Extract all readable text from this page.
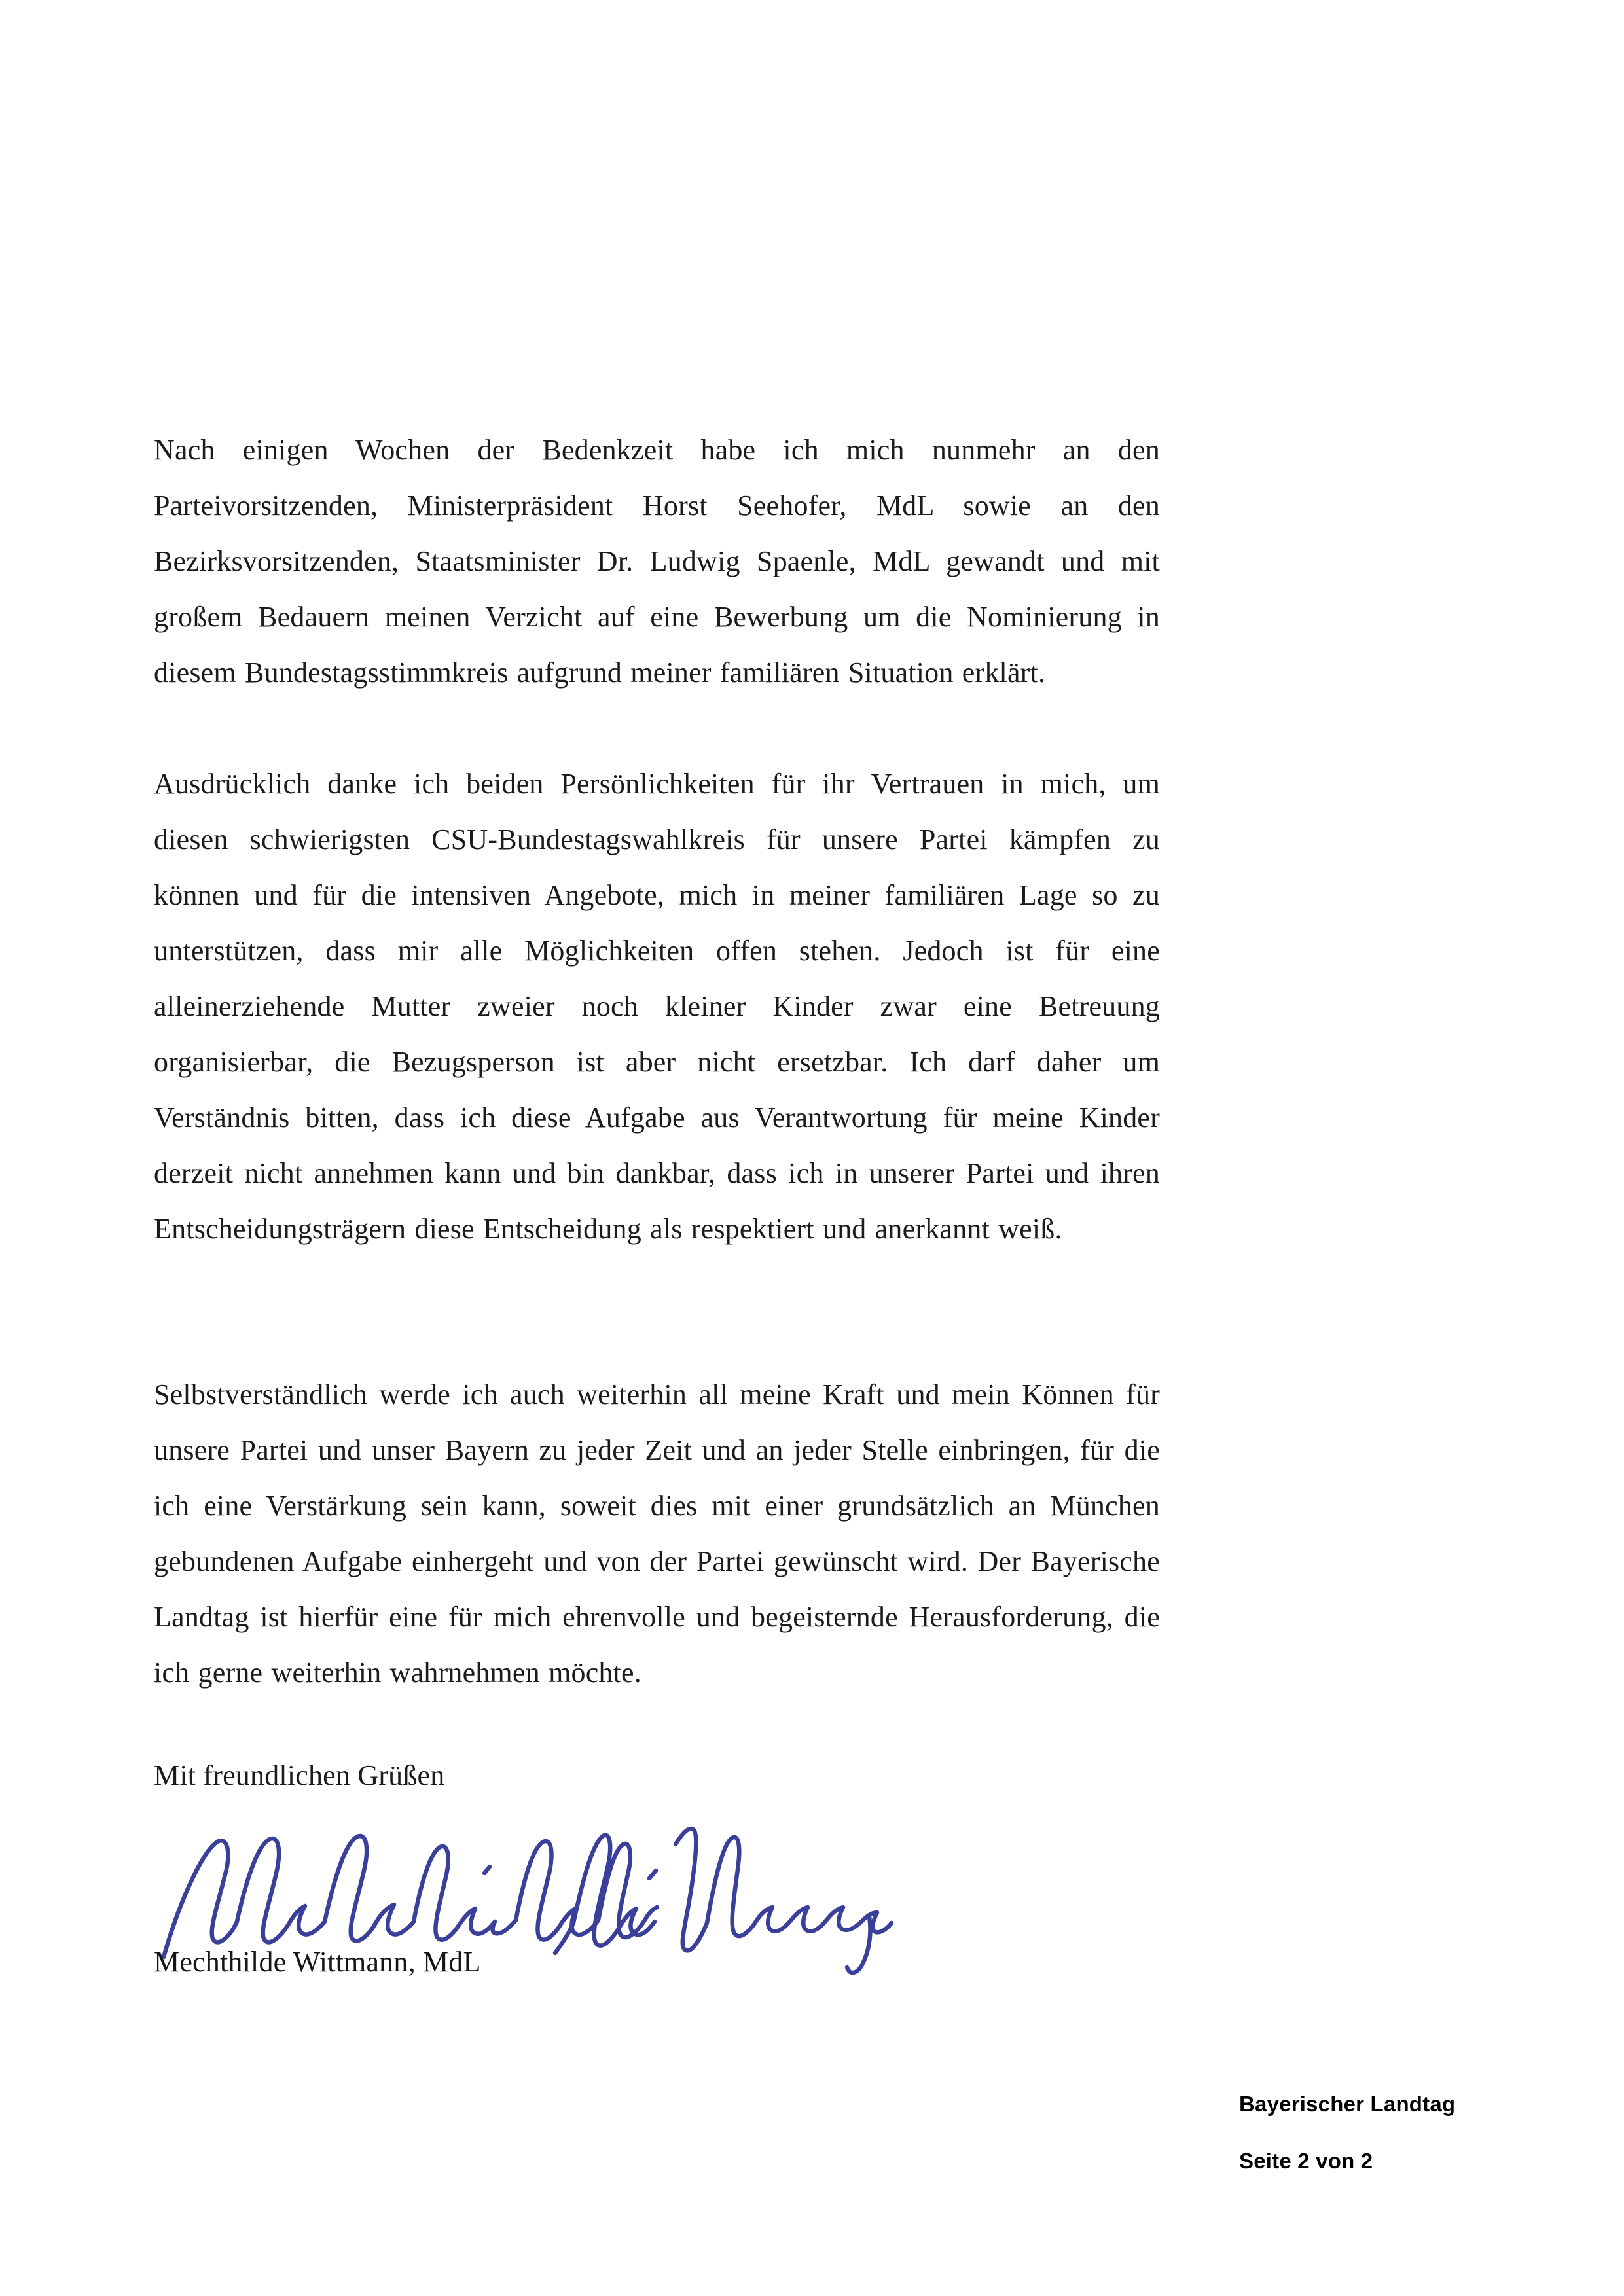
Nach einigen Wochen der Bedenkzeit habe ich mich nunmehr an den Parteivorsitzenden, Ministerpräsident Horst Seehofer, MdL sowie an den Bezirksvorsitzenden, Staatsminister Dr. Ludwig Spaenle, MdL gewandt und mit großem Bedauern meinen Verzicht auf eine Bewerbung um die Nominierung in diesem Bundestagsstimmkreis aufgrund meiner familiären Situation erklärt.

Ausdrücklich danke ich beiden Persönlichkeiten für ihr Vertrauen in mich, um diesen schwierigsten CSU-Bundestagswahlkreis für unsere Partei kämpfen zu können und für die intensiven Angebote, mich in meiner familiären Lage so zu unterstützen, dass mir alle Möglichkeiten offen stehen. Jedoch ist für eine alleinerziehende Mutter zweier noch kleiner Kinder zwar eine Betreuung organisierbar, die Bezugsperson ist aber nicht ersetzbar. Ich darf daher um Verständnis bitten, dass ich diese Aufgabe aus Verantwortung für meine Kinder derzeit nicht annehmen kann und bin dankbar, dass ich in unserer Partei und ihren Entscheidungsträgern diese Entscheidung als respektiert und anerkannt weiß.

Selbstverständlich werde ich auch weiterhin all meine Kraft und mein Können für unsere Partei und unser Bayern zu jeder Zeit und an jeder Stelle einbringen, für die ich eine Verstärkung sein kann, soweit dies mit einer grundsätzlich an München gebundenen Aufgabe einhergeht und von der Partei gewünscht wird. Der Bayerische Landtag ist hierfür eine für mich ehrenvolle und begeisternde Herausforderung, die ich gerne weiterhin wahrnehmen möchte.

Mit freundlichen Grüßen

Mechthilde Wittmann, MdL

Bayerischer Landtag

Seite 2 von 2
